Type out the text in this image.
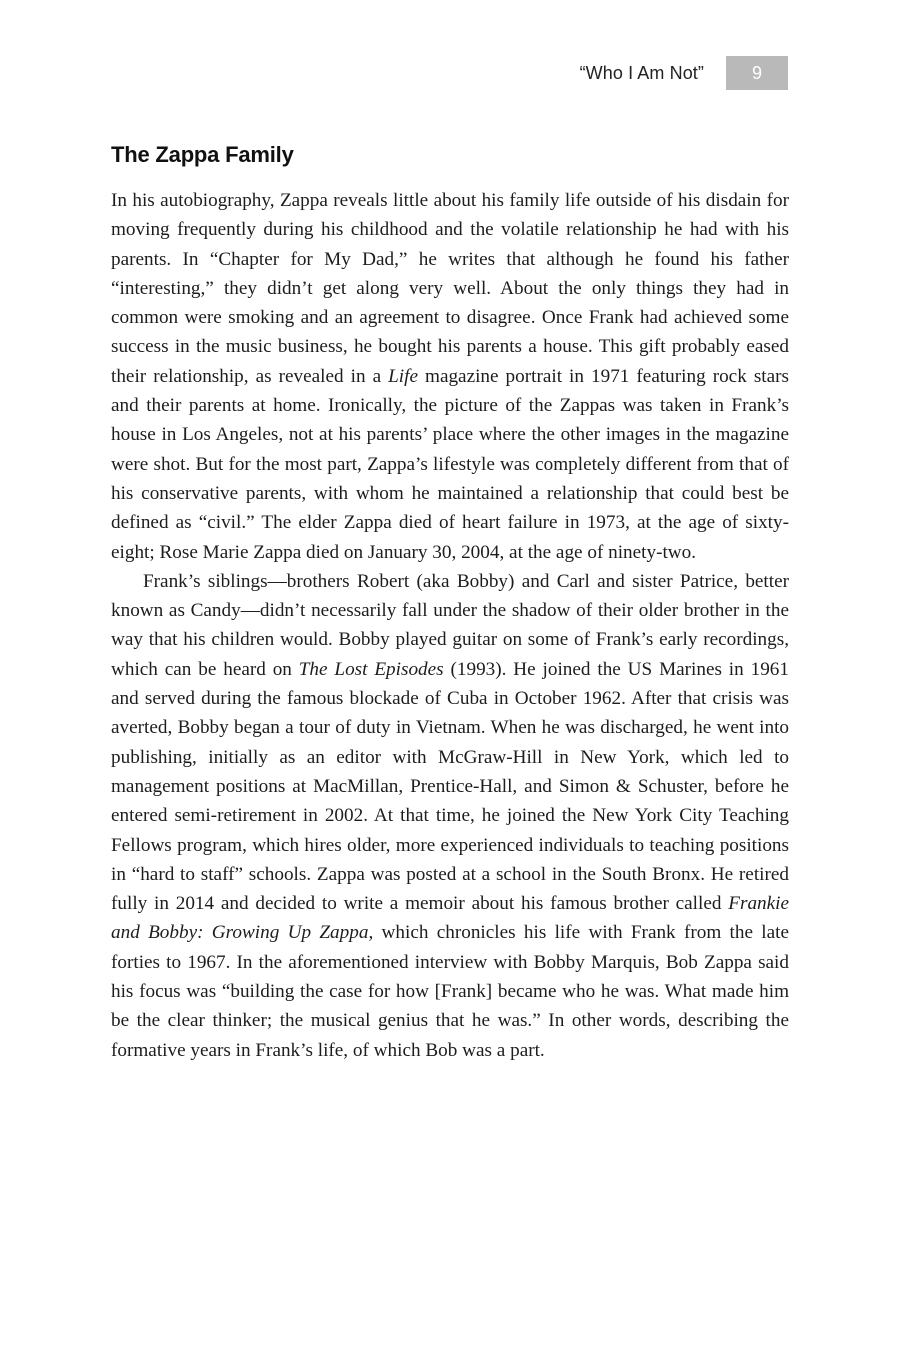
“Who I Am Not”	9
The Zappa Family

In his autobiography, Zappa reveals little about his family life outside of his disdain for moving frequently during his childhood and the volatile relationship he had with his parents. In “Chapter for My Dad,” he writes that although he found his father “interesting,” they didn’t get along very well. About the only things they had in common were smoking and an agreement to disagree. Once Frank had achieved some success in the music business, he bought his parents a house. This gift probably eased their relationship, as revealed in a Life magazine portrait in 1971 featuring rock stars and their parents at home. Ironically, the picture of the Zappas was taken in Frank’s house in Los Angeles, not at his parents’ place where the other images in the magazine were shot. But for the most part, Zappa’s lifestyle was completely different from that of his conservative parents, with whom he maintained a relationship that could best be defined as “civil.” The elder Zappa died of heart failure in 1973, at the age of sixty-eight; Rose Marie Zappa died on January 30, 2004, at the age of ninety-two.

Frank’s siblings—brothers Robert (aka Bobby) and Carl and sister Patrice, better known as Candy—didn’t necessarily fall under the shadow of their older brother in the way that his children would. Bobby played guitar on some of Frank’s early recordings, which can be heard on The Lost Episodes (1993). He joined the US Marines in 1961 and served during the famous blockade of Cuba in October 1962. After that crisis was averted, Bobby began a tour of duty in Vietnam. When he was discharged, he went into publishing, initially as an editor with McGraw-Hill in New York, which led to management positions at MacMillan, Prentice-Hall, and Simon & Schuster, before he entered semi-retirement in 2002. At that time, he joined the New York City Teaching Fellows program, which hires older, more experienced individuals to teaching positions in “hard to staff” schools. Zappa was posted at a school in the South Bronx. He retired fully in 2014 and decided to write a memoir about his famous brother called Frankie and Bobby: Growing Up Zappa, which chronicles his life with Frank from the late forties to 1967. In the aforementioned interview with Bobby Marquis, Bob Zappa said his focus was “building the case for how [Frank] became who he was. What made him be the clear thinker; the musical genius that he was.” In other words, describing the formative years in Frank’s life, of which Bob was a part.
